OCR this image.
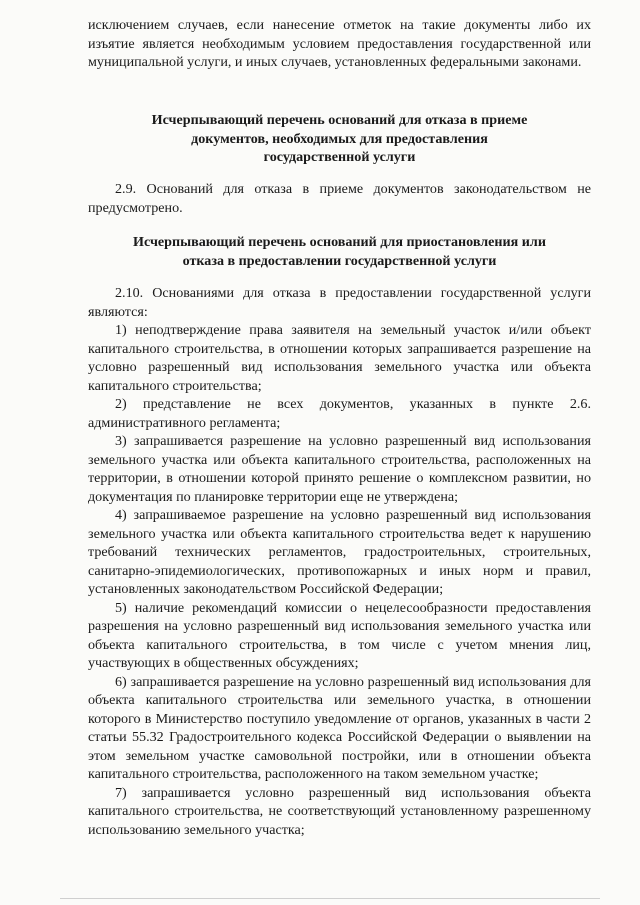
исключением случаев, если нанесение отметок на такие документы либо их изъятие является необходимым условием предоставления государственной или муниципальной услуги, и иных случаев, установленных федеральными законами.

Исчерпывающий перечень оснований для отказа в приеме
документов, необходимых для предоставления
государственной услуги

2.9. Оснований для отказа в приеме документов законодательством не предусмотрено.

Исчерпывающий перечень оснований для приостановления или
отказа в предоставлении государственной услуги

2.10. Основаниями для отказа в предоставлении государственной услуги являются:

1) неподтверждение права заявителя на земельный участок и/или объект капитального строительства, в отношении которых запрашивается разрешение на условно разрешенный вид использования земельного участка или объекта капитального строительства;

2) представление не всех документов, указанных в пункте 2.6. административного регламента;

3) запрашивается разрешение на условно разрешенный вид использования земельного участка или объекта капитального строительства, расположенных на территории, в отношении которой принято решение о комплексном развитии, но документация по планировке территории еще не утверждена;

4) запрашиваемое разрешение на условно разрешенный вид использования земельного участка или объекта капитального строительства ведет к нарушению требований технических регламентов, градостроительных, строительных, санитарно-эпидемиологических, противопожарных и иных норм и правил, установленных законодательством Российской Федерации;

5) наличие рекомендаций комиссии о нецелесообразности предоставления разрешения на условно разрешенный вид использования земельного участка или объекта капитального строительства, в том числе с учетом мнения лиц, участвующих в общественных обсуждениях;

6) запрашивается разрешение на условно разрешенный вид использования для объекта капитального строительства или земельного участка, в отношении которого в Министерство поступило уведомление от органов, указанных в части 2 статьи 55.32 Градостроительного кодекса Российской Федерации о выявлении на этом земельном участке самовольной постройки, или в отношении объекта капитального строительства, расположенного на таком земельном участке;

7) запрашивается условно разрешенный вид использования объекта капитального строительства, не соответствующий установленному разрешенному использованию земельного участка;
